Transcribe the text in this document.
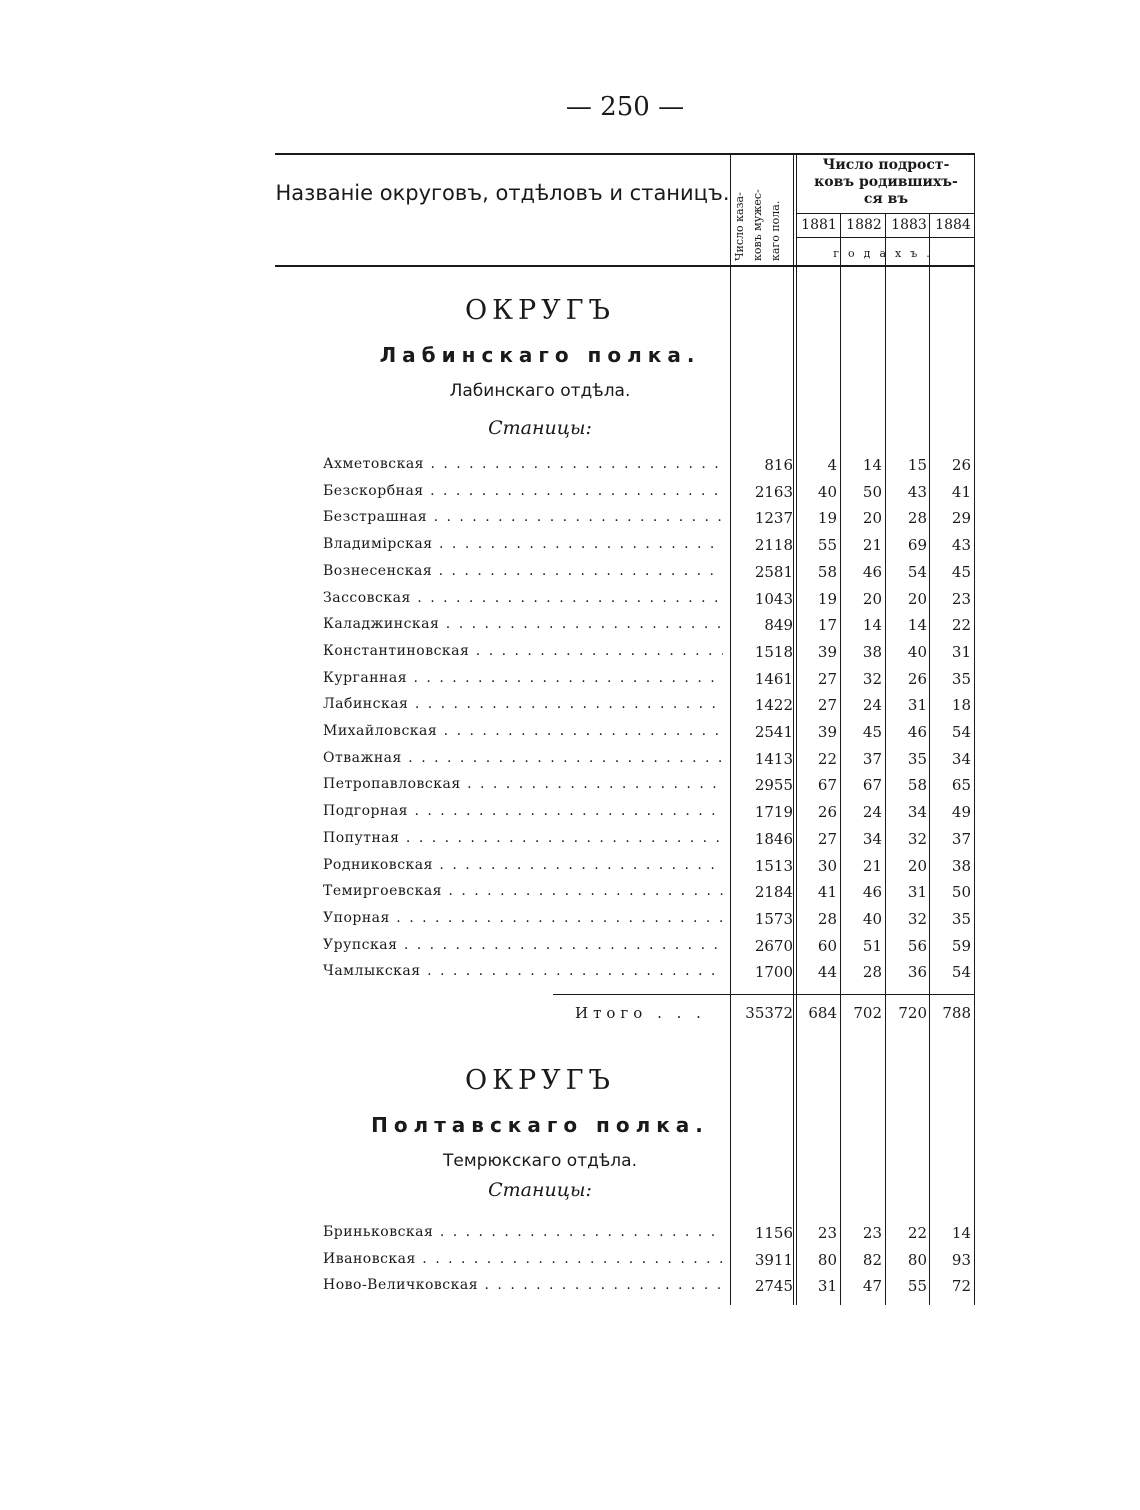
— 250 —
Названіе округовъ, отдѣловъ и станицъ. Число каза- ковъ мужес- каго пола.
Число подрост-
ковъ родившихъ-
ся въ
1881 1882 1883 1884
годахъ.
ОКРУГЪ
Лабинскаго полка.
Лабинскаго отдѣла.
Станицы:
Ахметовская . . .	816	4	14	15	26
Безскорбная . . .	2163	40	50	43	41
Безстрашная . . .	1237	19	20	28	29
Владимірская . . .	2118	55	21	69	43
Вознесенская . . .	2581	58	46	54	45
Зассовская . . .	1043	19	20	20	23
Каладжинская . . .	849	17	14	14	22
Константиновская . . .	1518	39	38	40	31
Курганная . . .	1461	27	32	26	35
Лабинская . . .	1422	27	24	31	18
Михайловская . . .	2541	39	45	46	54
Отважная . . .	1413	22	37	35	34
Петропавловская . . .	2955	67	67	58	65
Подгорная . . .	1719	26	24	34	49
Попутная . . .	1846	27	34	32	37
Родниковская . . .	1513	30	21	20	38
Темиргоевская . . .	2184	41	46	31	50
Упорная . . .	1573	28	40	32	35
Урупская . . .	2670	60	51	56	59
Чамлыкская . . .	1700	44	28	36	54
Итого . . .	35372	684	702	720	788
ОКРУГЪ
Полтавскаго полка.
Темрюкскаго отдѣла.
Станицы:
Бриньковская . . .	1156	23	23	22	14
Ивановская . . .	3911	80	82	80	93
Ново-Величковская . . .	2745	31	47	55	72
